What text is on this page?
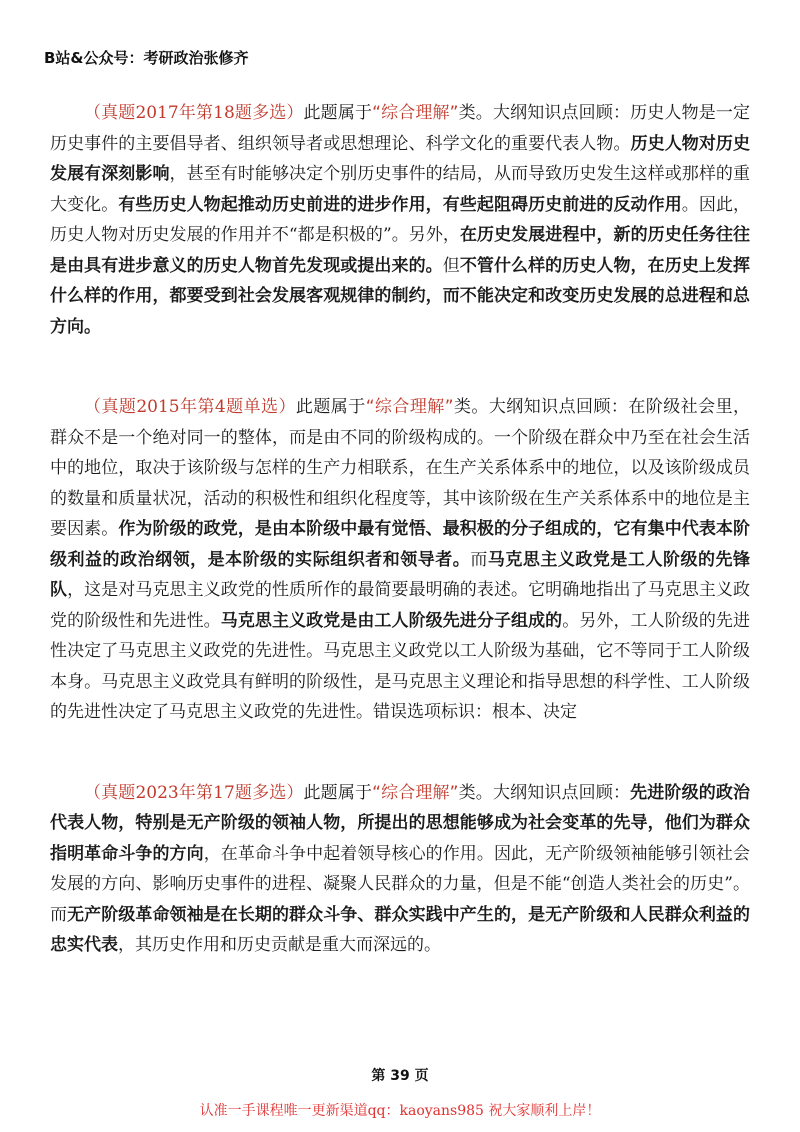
B站&公众号：考研政治张修齐

（真题2017年第18题多选）此题属于“综合理解”类。大纲知识点回顾：历史人物是一定历史事件的主要倡导者、组织领导者或思想理论、科学文化的重要代表人物。历史人物对历史发展有深刻影响，甚至有时能够决定个别历史事件的结局，从而导致历史发生这样或那样的重大变化。有些历史人物起推动历史前进的进步作用，有些起阻碍历史前进的反动作用。因此，历史人物对历史发展的作用并不“都是积极的”。另外，在历史发展进程中，新的历史任务往往是由具有进步意义的历史人物首先发现或提出来的。但不管什么样的历史人物，在历史上发挥什么样的作用，都要受到社会发展客观规律的制约，而不能决定和改变历史发展的总进程和总方向。

（真题2015年第4题单选）此题属于“综合理解”类。大纲知识点回顾：在阶级社会里，群众不是一个绝对同一的整体，而是由不同的阶级构成的。一个阶级在群众中乃至在社会生活中的地位，取决于该阶级与怎样的生产力相联系，在生产关系体系中的地位，以及该阶级成员的数量和质量状况，活动的积极性和组织化程度等，其中该阶级在生产关系体系中的地位是主要因素。作为阶级的政党，是由本阶级中最有觉悟、最积极的分子组成的，它有集中代表本阶级利益的政治纲领，是本阶级的实际组织者和领导者。而马克思主义政党是工人阶级的先锋队，这是对马克思主义政党的性质所作的最简要最明确的表述。它明确地指出了马克思主义政党的阶级性和先进性。马克思主义政党是由工人阶级先进分子组成的。另外，工人阶级的先进性决定了马克思主义政党的先进性。马克思主义政党以工人阶级为基础，它不等同于工人阶级本身。马克思主义政党具有鲜明的阶级性，是马克思主义理论和指导思想的科学性、工人阶级的先进性决定了马克思主义政党的先进性。错误选项标识：根本、决定

（真题2023年第17题多选）此题属于“综合理解”类。大纲知识点回顾：先进阶级的政治代表人物，特别是无产阶级的领袖人物，所提出的思想能够成为社会变革的先导，他们为群众指明革命斗争的方向，在革命斗争中起着领导核心的作用。因此，无产阶级领袖能够引领社会发展的方向、影响历史事件的进程、凝聚人民群众的力量，但是不能“创造人类社会的历史”。而无产阶级革命领袖是在长期的群众斗争、群众实践中产生的，是无产阶级和人民群众利益的忠实代表，其历史作用和历史贡献是重大而深远的。

第 39 页
认准一手课程唯一更新渠道qq：kaoyans985 祝大家顺利上岸！
